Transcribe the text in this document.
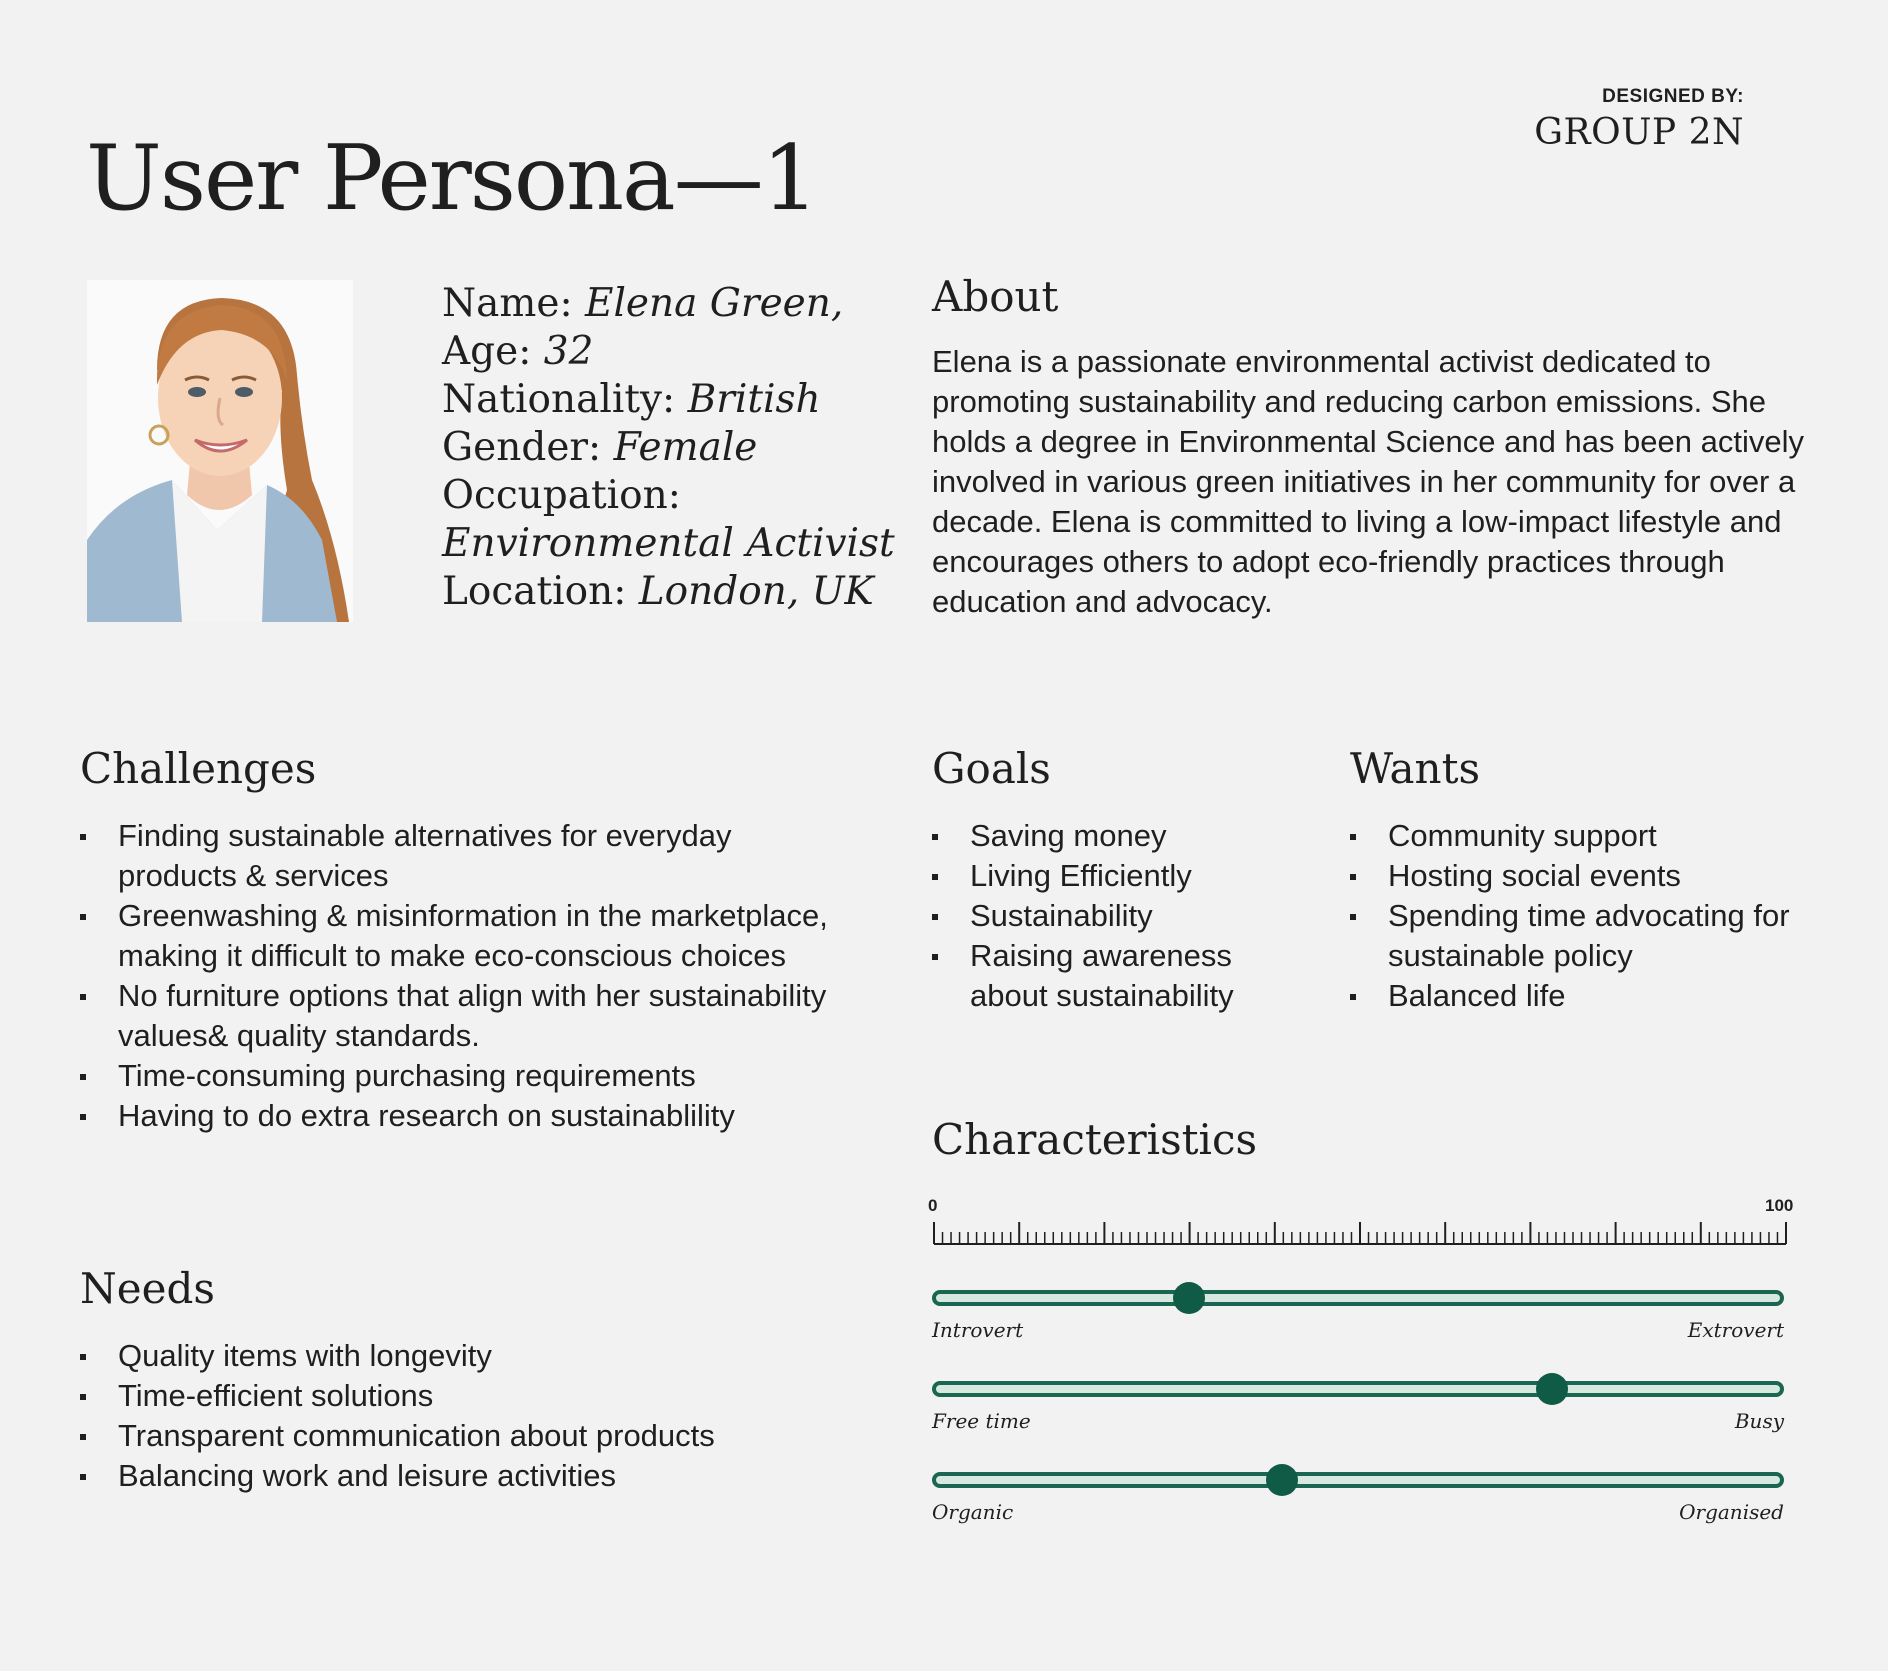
User Persona—1
DESIGNED BY:
GROUP 2N
Name: Elena Green,
Age: 32
Nationality: British
Gender: Female
Occupation:
Environmental Activist
Location: London, UK
About
Elena is a passionate environmental activist dedicated to promoting sustainability and reducing carbon emissions. She holds a degree in Environmental Science and has been actively involved in various green initiatives in her community for over a decade. Elena is committed to living a low-impact lifestyle and encourages others to adopt eco-friendly practices through education and advocacy.
Challenges
Finding sustainable alternatives for everyday products & services
Greenwashing & misinformation in the marketplace, making it difficult to make eco-conscious choices
No furniture options that align with her sustainability values& quality standards.
Time-consuming purchasing requirements
Having to do extra research on sustainablility
Needs
Quality items with longevity
Time-efficient solutions
Transparent communication about products
Balancing work and leisure activities
Goals
Saving money
Living Efficiently
Sustainability
Raising awareness about sustainability
Wants
Community support
Hosting social events
Spending time advocating for sustainable policy
Balanced life
Characteristics
0	100
Introvert	Extrovert
Free time	Busy
Organic	Organised
